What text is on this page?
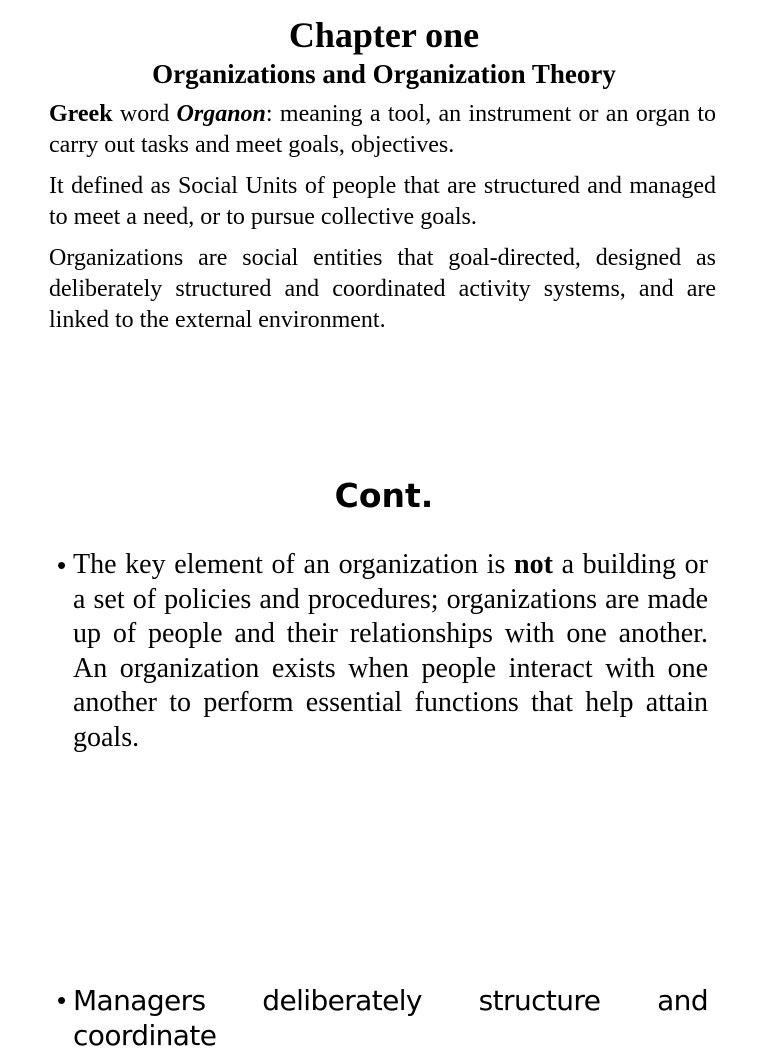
Chapter one
Organizations and Organization Theory

Greek word Organon: meaning a tool, an instrument or an organ to carry out tasks and meet goals, objectives.

It defined as Social Units of people that are structured and managed to meet a need, or to pursue collective goals.

Organizations are social entities that goal-directed, designed as deliberately structured and coordinated activity systems, and are linked to the external environment.

Cont.
• The key element of an organization is not a building or a set of policies and procedures; organizations are made up of people and their relationships with one another. An organization exists when people interact with one another to perform essential functions that help attain goals.
• Managers deliberately structure and coordinate
